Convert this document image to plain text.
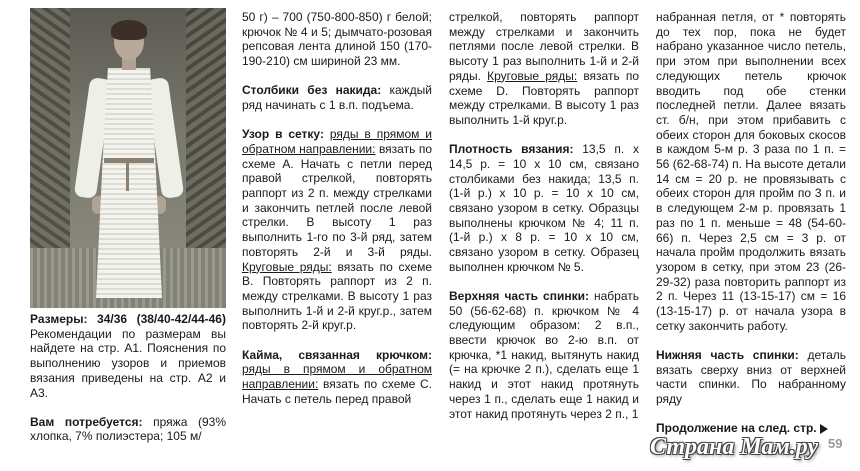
Размеры: 34/36 (38/40-42/44-46) Рекомендации по размерам вы найдете на стр. А1. Пояснения по выполнению узоров и приемов вязания приведены на стр. А2 и А3.

Вам потребуется: пряжа (93% хлопка, 7% полиэстера; 105 м/

50 г) – 700 (750-800-850) г белой; крючок № 4 и 5; дымчато-розовая репсовая лента длиной 150 (170-190-210) см шириной 23 мм.

Столбики без накида: каждый ряд начинать с 1 в.п. подъема.

Узор в сетку: ряды в прямом и обратном направлении: вязать по схеме А. Начать с петли перед правой стрелкой, повторять раппорт из 2 п. между стрелками и закончить петлей после левой стрелки. В высоту 1 раз выполнить 1-го по 3-й ряд, затем повторять 2-й и 3-й ряды. Круговые ряды: вязать по схеме В. Повторять раппорт из 2 п. между стрелками. В высоту 1 раз выполнить 1-й и 2-й круг.р., затем повторять 2-й круг.р.

Кайма, связанная крючком: ряды в прямом и обратном направлении: вязать по схеме С. Начать с петель перед правой

стрелкой, повторять раппорт между стрелками и закончить петлями после левой стрелки. В высоту 1 раз выполнить 1-й и 2-й ряды. Круговые ряды: вязать по схеме D. Повторять раппорт между стрелками. В высоту 1 раз выполнить 1-й круг.р.

Плотность вязания: 13,5 п. х 14,5 р. = 10 х 10 см, связано столбиками без накида; 13,5 п. (1-й р.) х 10 р. = 10 х 10 см, связано узором в сетку. Образцы выполнены крючком № 4; 11 п. (1-й р.) х 8 р. = 10 х 10 см, связано узором в сетку. Образец выполнен крючком № 5.

Верхняя часть спинки: набрать 50 (56-62-68) п. крючком № 4 следующим образом: 2 в.п., ввести крючок во 2-ю в.п. от крючка, *1 накид, вытянуть накид (= на крючке 2 п.), сделать еще 1 накид и этот накид протянуть через 1 п., сделать еще 1 накид и этот накид протянуть через 2 п., 1

набранная петля, от * повторять до тех пор, пока не будет набрано указанное число петель, при этом при выполнении всех следующих петель крючок вводить под обе стенки последней петли. Далее вязать ст. б/н, при этом прибавить с обеих сторон для боковых скосов в каждом 5-м р. 3 раза по 1 п. = 56 (62-68-74) п. На высоте детали 14 см = 20 р. не провязывать с обеих сторон для пройм по 3 п. и в следующем 2-м р. провязать 1 раз по 1 п. меньше = 48 (54-60-66) п. Через 2,5 см = 3 р. от начала пройм продолжить вязать узором в сетку, при этом 23 (26-29-32) раза повторить раппорт из 2 п. Через 11 (13-15-17) см = 16 (13-15-17) р. от начала узора в сетку закончить работу.

Нижняя часть спинки: деталь вязать сверху вниз от верхней части спинки. По набранному ряду

Продолжение на след. стр.

Страна Мам.ру 59
